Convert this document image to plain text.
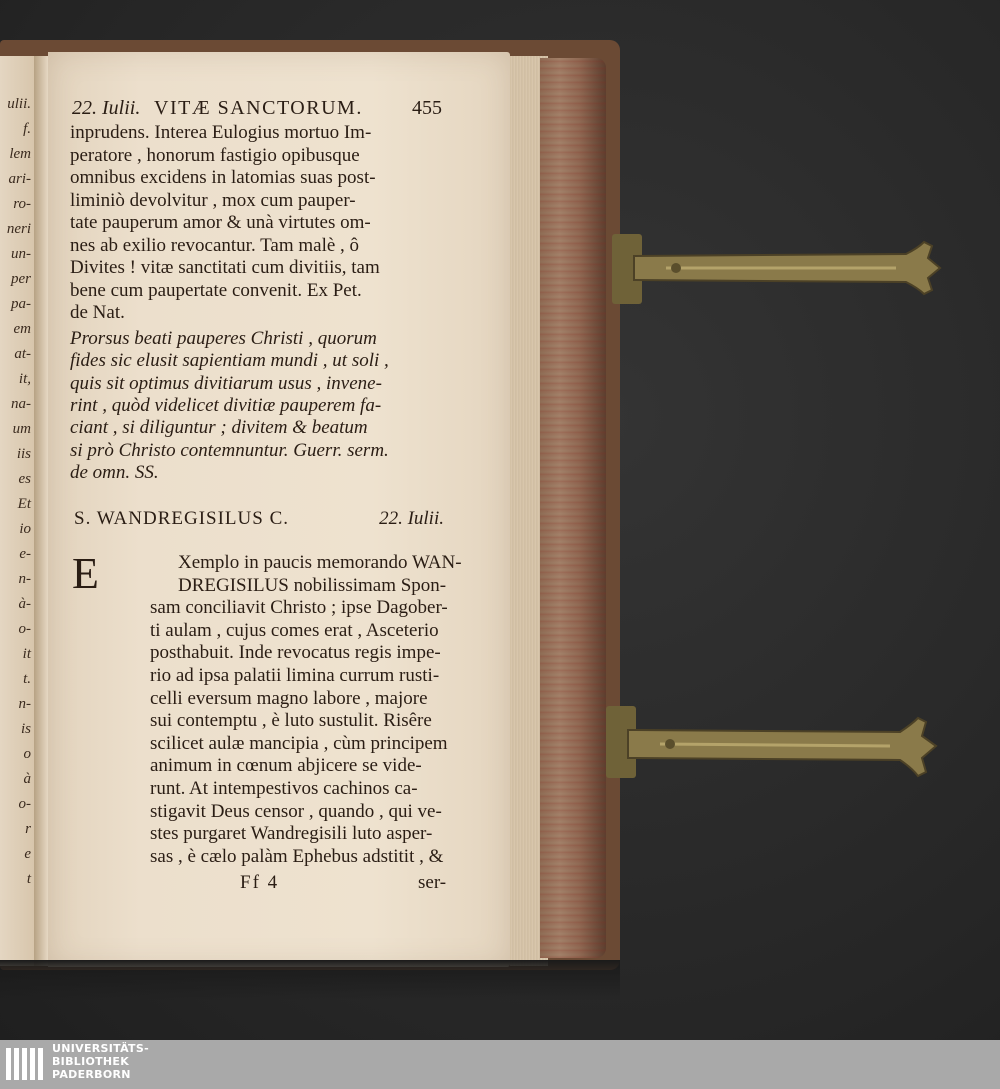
ulii.
f.
lem
ari-
ro-
neri
un-
per
pa-
em
at-
it,
na-
um
iis
es
Et
io
e-
n-
à-
o-
it
t.
n-
is
o
à
o-
r
e
t
22. Iulii. VITÆ SANCTORUM. 455
inprudens. Interea Eulogius mortuo Im-
peratore , honorum fastigio opibusque
omnibus excidens in latomias suas post-
liminiò devolvitur , mox cum pauper-
tate pauperum amor & unà virtutes om-
nes ab exilio revocantur. Tam malè , ô
Divites ! vitæ sanctitati cum divitiis, tam
bene cum paupertate convenit. Ex Pet.
de Nat.
Prorsus beati pauperes Christi , quorum
fides sic elusit sapientiam mundi , ut soli ,
quis sit optimus divitiarum usus , invene-
rint , quòd videlicet divitiæ pauperem fa-
ciant , si diliguntur ; divitem & beatum
si prò Christo contemnuntur. Guerr. serm.
de omn. SS.
S. WANDREGISILUS C.	22. Iulii.
E	Xemplo in paucis memorando WAN-
DREGISILUS nobilissimam Spon-
sam conciliavit Christo ; ipse Dagober-
ti aulam , cujus comes erat , Asceterio
posthabuit. Inde revocatus regis impe-
rio ad ipsa palatii limina currum rusti-
celli eversum magno labore , majore
sui contemptu , è luto sustulit. Risêre
scilicet aulæ mancipia , cùm principem
animum in cœnum abjicere se vide-
runt. At intempestivos cachinos ca-
stigavit Deus censor , quando , qui ve-
stes purgaret Wandregisili luto asper-
sas , è cælo palàm Ephebus adstitit , &
Ff 4	ser-
UNIVERSITÄTS-
BIBLIOTHEK
PADERBORN
